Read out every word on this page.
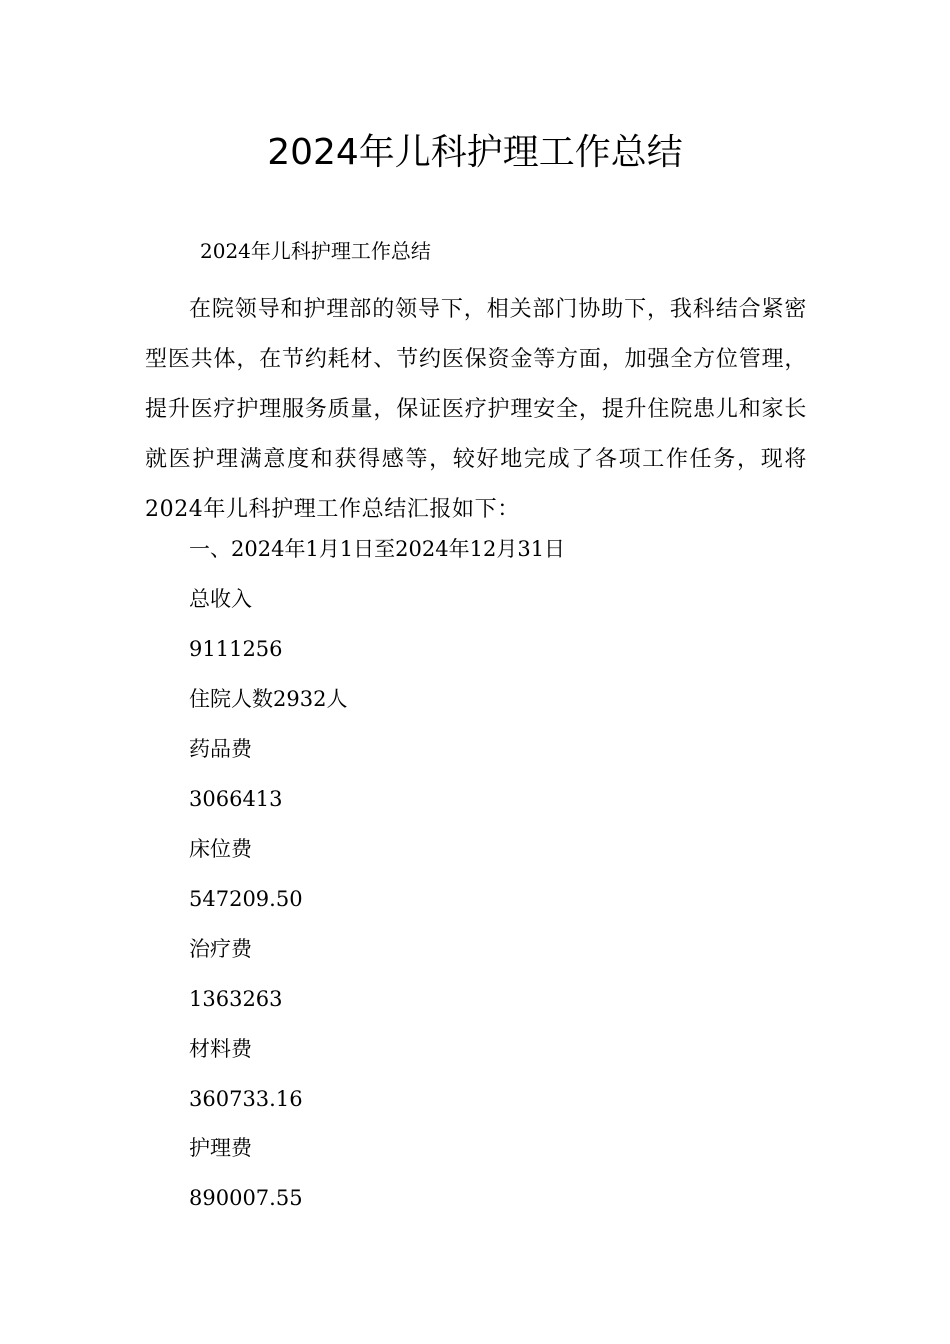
2024年儿科护理工作总结
2024年儿科护理工作总结

在院领导和护理部的领导下，相关部门协助下，我科结合紧密型医共体，在节约耗材、节约医保资金等方面，加强全方位管理，提升医疗护理服务质量，保证医疗护理安全，提升住院患儿和家长就医护理满意度和获得感等，较好地完成了各项工作任务，现将2024年儿科护理工作总结汇报如下：

一、2024年1月1日至2024年12月31日
总收入
9111256
住院人数2932人
药品费
3066413
床位费
547209.50
治疗费
1363263
材料费
360733.16
护理费
890007.55
